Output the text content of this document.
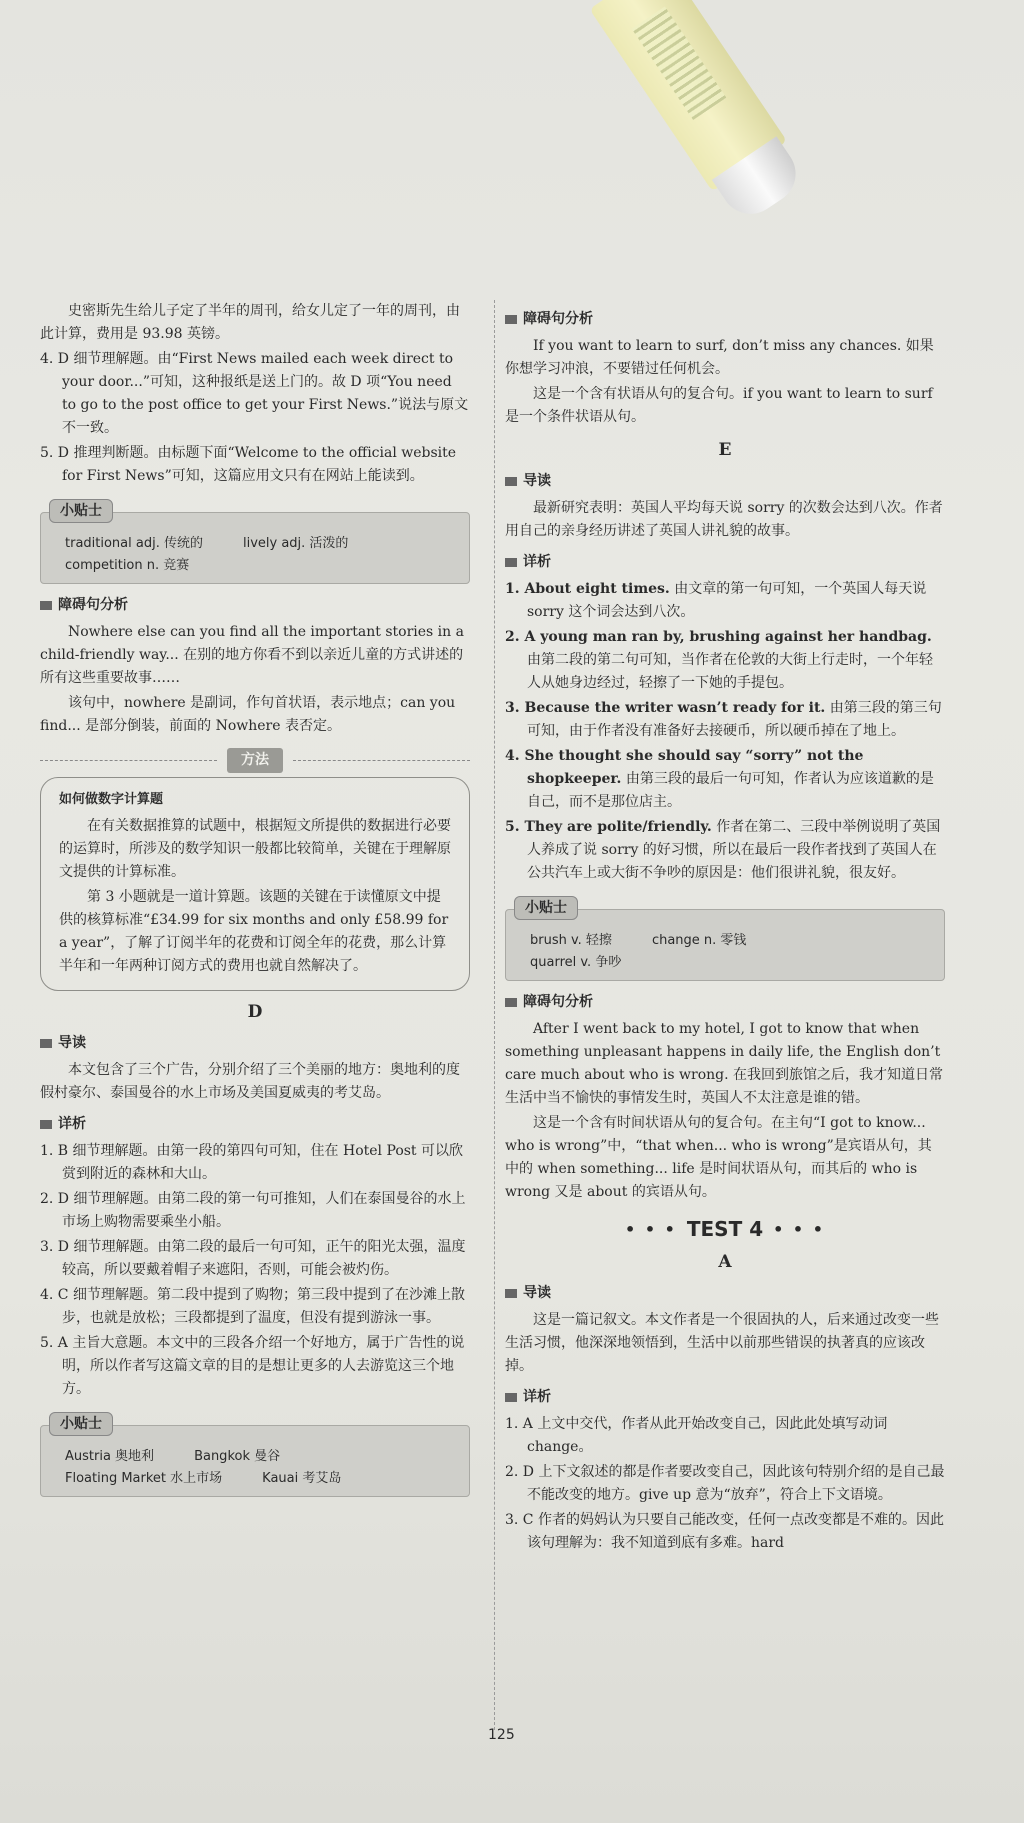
史密斯先生给儿子定了半年的周刊，给女儿定了一年的周刊，由此计算，费用是 93.98 英镑。

4. D 细节理解题。由“First News mailed each week direct to your door...”可知，这种报纸是送上门的。故 D 项“You need to go to the post office to get your First News.”说法与原文不一致。

5. D 推理判断题。由标题下面“Welcome to the official website for First News”可知，这篇应用文只有在网站上能读到。

小贴士
traditional adj. 传统的	lively adj. 活泼的
competition n. 竞赛
障碍句分析

Nowhere else can you find all the important stories in a child-friendly way... 在别的地方你看不到以亲近儿童的方式讲述的所有这些重要故事……

该句中，nowhere 是副词，作句首状语，表示地点；can you find... 是部分倒装，前面的 Nowhere 表否定。

方法
如何做数字计算题

在有关数据推算的试题中，根据短文所提供的数据进行必要的运算时，所涉及的数学知识一般都比较简单，关键在于理解原文提供的计算标准。

第 3 小题就是一道计算题。该题的关键在于读懂原文中提供的核算标准“£34.99 for six months and only £58.99 for a year”，了解了订阅半年的花费和订阅全年的花费，那么计算半年和一年两种订阅方式的费用也就自然解决了。

D
导读

本文包含了三个广告，分别介绍了三个美丽的地方：奥地利的度假村豪尔、泰国曼谷的水上市场及美国夏威夷的考艾岛。

详析

1. B 细节理解题。由第一段的第四句可知，住在 Hotel Post 可以欣赏到附近的森林和大山。

2. D 细节理解题。由第二段的第一句可推知，人们在泰国曼谷的水上市场上购物需要乘坐小船。

3. D 细节理解题。由第二段的最后一句可知，正午的阳光太强，温度较高，所以要戴着帽子来遮阳，否则，可能会被灼伤。

4. C 细节理解题。第二段中提到了购物；第三段中提到了在沙滩上散步，也就是放松；三段都提到了温度，但没有提到游泳一事。

5. A 主旨大意题。本文中的三段各介绍一个好地方，属于广告性的说明，所以作者写这篇文章的目的是想让更多的人去游览这三个地方。

小贴士
Austria 奥地利	Bangkok 曼谷
Floating Market 水上市场	Kauai 考艾岛
障碍句分析

If you want to learn to surf, don’t miss any chances. 如果你想学习冲浪，不要错过任何机会。

这是一个含有状语从句的复合句。if you want to learn to surf 是一个条件状语从句。

E
导读

最新研究表明：英国人平均每天说 sorry 的次数会达到八次。作者用自己的亲身经历讲述了英国人讲礼貌的故事。

详析

1. About eight times. 由文章的第一句可知，一个英国人每天说 sorry 这个词会达到八次。

2. A young man ran by, brushing against her handbag. 由第二段的第二句可知，当作者在伦敦的大街上行走时，一个年轻人从她身边经过，轻擦了一下她的手提包。

3. Because the writer wasn’t ready for it. 由第三段的第三句可知，由于作者没有准备好去接硬币，所以硬币掉在了地上。

4. She thought she should say “sorry” not the shopkeeper. 由第三段的最后一句可知，作者认为应该道歉的是自己，而不是那位店主。

5. They are polite/friendly. 作者在第二、三段中举例说明了英国人养成了说 sorry 的好习惯，所以在最后一段作者找到了英国人在公共汽车上或大街不争吵的原因是：他们很讲礼貌，很友好。

小贴士
brush v. 轻擦	change n. 零钱
quarrel v. 争吵
障碍句分析

After I went back to my hotel, I got to know that when something unpleasant happens in daily life, the English don’t care much about who is wrong. 在我回到旅馆之后，我才知道日常生活中当不愉快的事情发生时，英国人不太注意是谁的错。

这是一个含有时间状语从句的复合句。在主句“I got to know... who is wrong”中，“that when... who is wrong”是宾语从句，其中的 when something... life 是时间状语从句，而其后的 who is wrong 又是 about 的宾语从句。

• • • TEST 4 • • •
A
导读

这是一篇记叙文。本文作者是一个很固执的人，后来通过改变一些生活习惯，他深深地领悟到，生活中以前那些错误的执著真的应该改掉。

详析

1. A 上文中交代，作者从此开始改变自己，因此此处填写动词 change。

2. D 上下文叙述的都是作者要改变自己，因此该句特别介绍的是自己最不能改变的地方。give up 意为“放弃”，符合上下文语境。

3. C 作者的妈妈认为只要自己能改变，任何一点改变都是不难的。因此该句理解为：我不知道到底有多难。hard

125
